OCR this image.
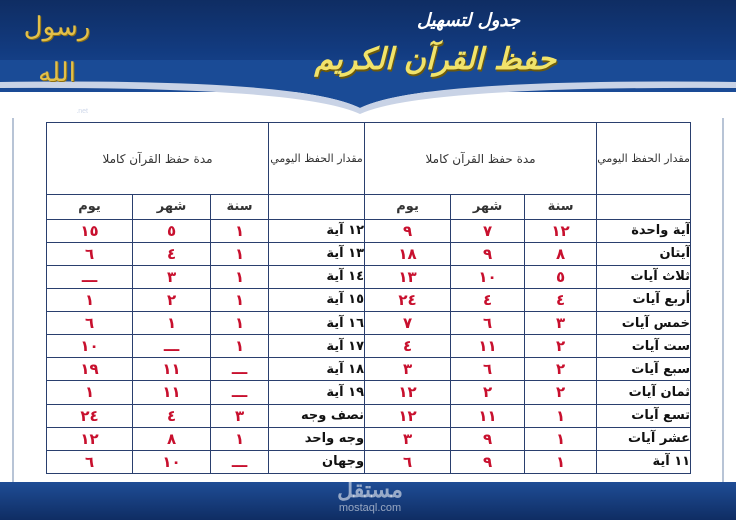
رسول الله
Rasoulallah
.net
جدول لتسهيل
حفظ القرآن الكريم
مقدار الحفظ اليومي	مدة حفظ القرآن كاملا			مقدار الحفظ اليومي	مدة حفظ القرآن كاملا		
	سنة	شهر	يوم		سنة	شهر	يوم
آية واحدة	١٢	٧	٩	١٢ آية	١	٥	١٥
آيتان	٨	٩	١٨	١٣ آية	١	٤	٦
ثلاث آيات	٥	١٠	١٣	١٤ آية	١	٣	ـــ
أربع آيات	٤	٤	٢٤	١٥ آية	١	٢	١
خمس آيات	٣	٦	٧	١٦ آية	١	١	٦
ست آيات	٢	١١	٤	١٧ آية	١	ـــ	١٠
سبع آيات	٢	٦	٣	١٨ آية	ـــ	١١	١٩
ثمان آيات	٢	٢	١٢	١٩ آية	ـــ	١١	١
تسع آيات	١	١١	١٢	نصف وجه	٣	٤	٢٤
عشر آيات	١	٩	٣	وجه واحد	١	٨	١٢
١١ آية	١	٩	٦	وجهان	ـــ	١٠	٦
مستقل
mostaql.com
